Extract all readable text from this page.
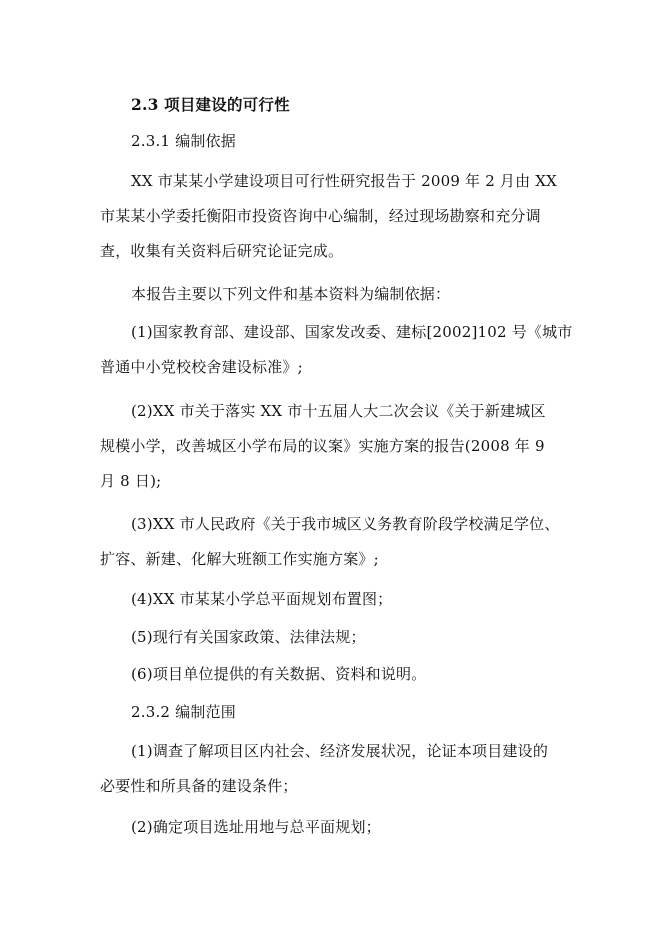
2.3 项目建设的可行性
2.3.1 编制依据
XX 市某某小学建设项目可行性研究报告于 2009 年 2 月由 XX
市某某小学委托衡阳市投资咨询中心编制，经过现场勘察和充分调
查，收集有关资料后研究论证完成。
本报告主要以下列文件和基本资料为编制依据：
(1)国家教育部、建设部、国家发改委、建标[2002]102 号《城市
普通中小党校校舍建设标准》;
(2)XX 市关于落实 XX 市十五届人大二次会议《关于新建城区
规模小学，改善城区小学布局的议案》实施方案的报告(2008 年 9
月 8 日);
(3)XX 市人民政府《关于我市城区义务教育阶段学校满足学位、
扩容、新建、化解大班额工作实施方案》;
(4)XX 市某某小学总平面规划布置图；
(5)现行有关国家政策、法律法规；
(6)项目单位提供的有关数据、资料和说明。
2.3.2 编制范围
(1)调查了解项目区内社会、经济发展状况，论证本项目建设的
必要性和所具备的建设条件；
(2)确定项目选址用地与总平面规划；
